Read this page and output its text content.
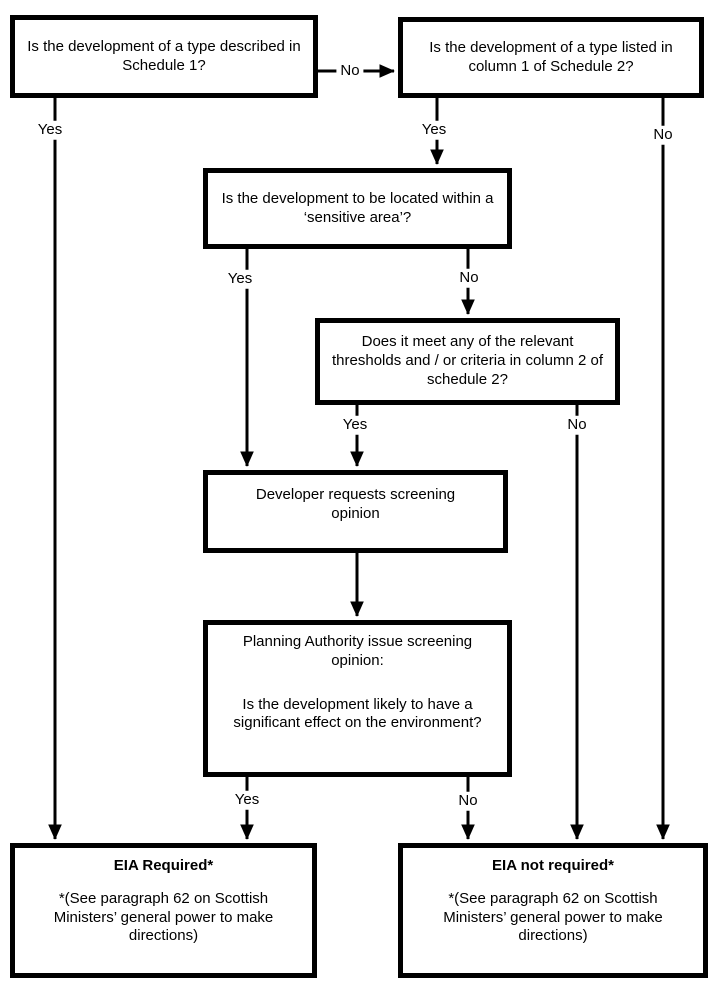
Is the development of a type described in Schedule 1?
Is the development of a type listed in column 1 of Schedule 2?
Is the development to be located within a ‘sensitive area’?
Does it meet any of the relevant thresholds and / or criteria in column 2 of schedule 2?
Developer requests screening opinion
Planning Authority issue screening opinion:
Is the development likely to have a significant effect on the environment?
EIA Required*
*(See paragraph 62 on Scottish Ministers’ general power to make directions)
EIA not required*
*(See paragraph 62 on Scottish Ministers’ general power to make directions)
Yes
No
Yes	No
Yes	No
Yes	No
Yes	No
